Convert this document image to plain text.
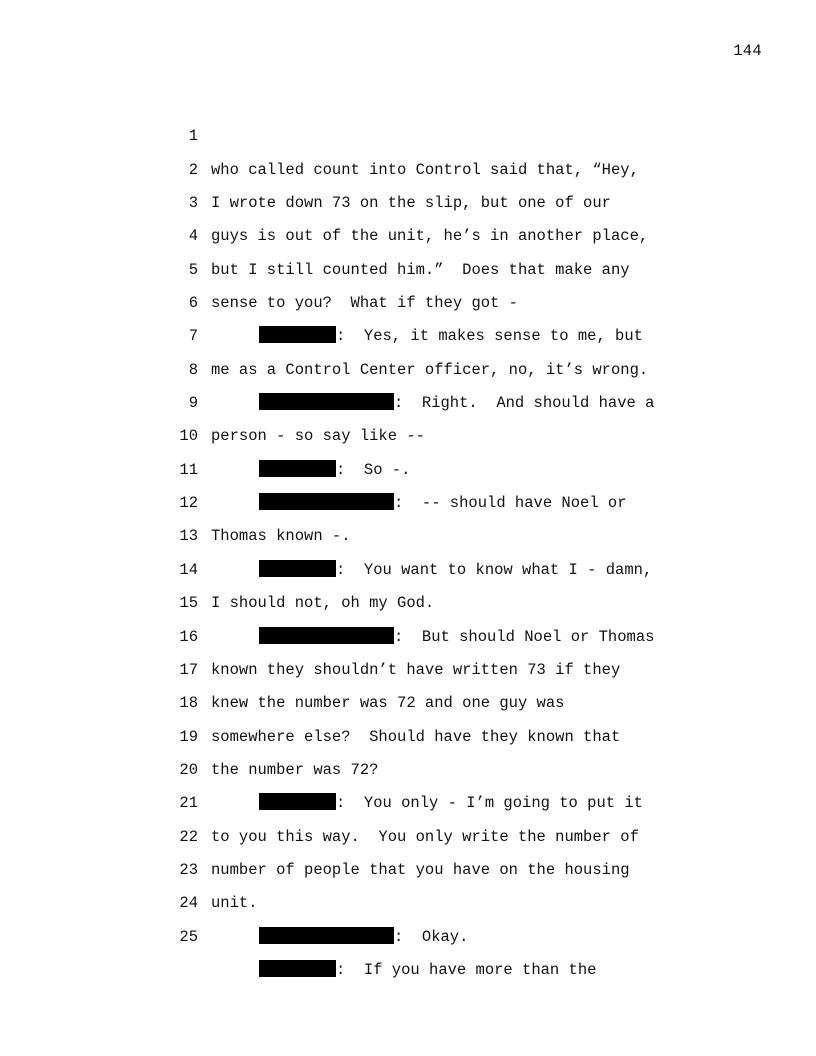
144

1

who called count into Control said that, “Hey,

2

I wrote down 73 on the slip, but one of our

3

guys is out of the unit, he’s in another place,

4

but I still counted him.”  Does that make any

5

sense to you?  What if they got -

6

:  Yes, it makes sense to me, but

7

me as a Control Center officer, no, it’s wrong.

8

:  Right.  And should have a

9

person - so say like --

10

:  So -.

11

:  -- should have Noel or

12

Thomas known -.

13

:  You want to know what I - damn,

14

I should not, oh my God.

15

:  But should Noel or Thomas

16

known they shouldn’t have written 73 if they

17

knew the number was 72 and one guy was

18

somewhere else?  Should have they known that

19

the number was 72?

20

:  You only - I’m going to put it

21

to you this way.  You only write the number of

22

number of people that you have on the housing

23

unit.

24

:  Okay.

25

:  If you have more than the
